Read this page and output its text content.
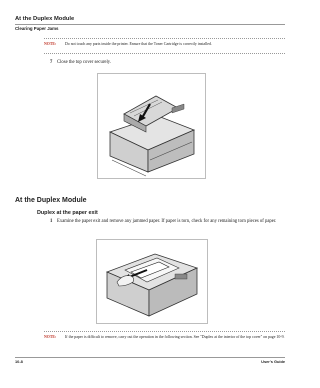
At the Duplex Module
Clearing Paper Jams
NOTE: Do not touch any parts inside the printer. Ensure that the Toner Cartridge is correctly installed.
7 Close the top cover securely.
At the Duplex Module
Duplex at the paper exit
1 Examine the paper exit and remove any jammed paper. If paper is torn, check for any remaining torn pieces of paper.
NOTE: If the paper is difficult to remove, carry out the operation in the following section. See "Duplex at the interior of the top cover" on page 10-9.
10-8	User's Guide
